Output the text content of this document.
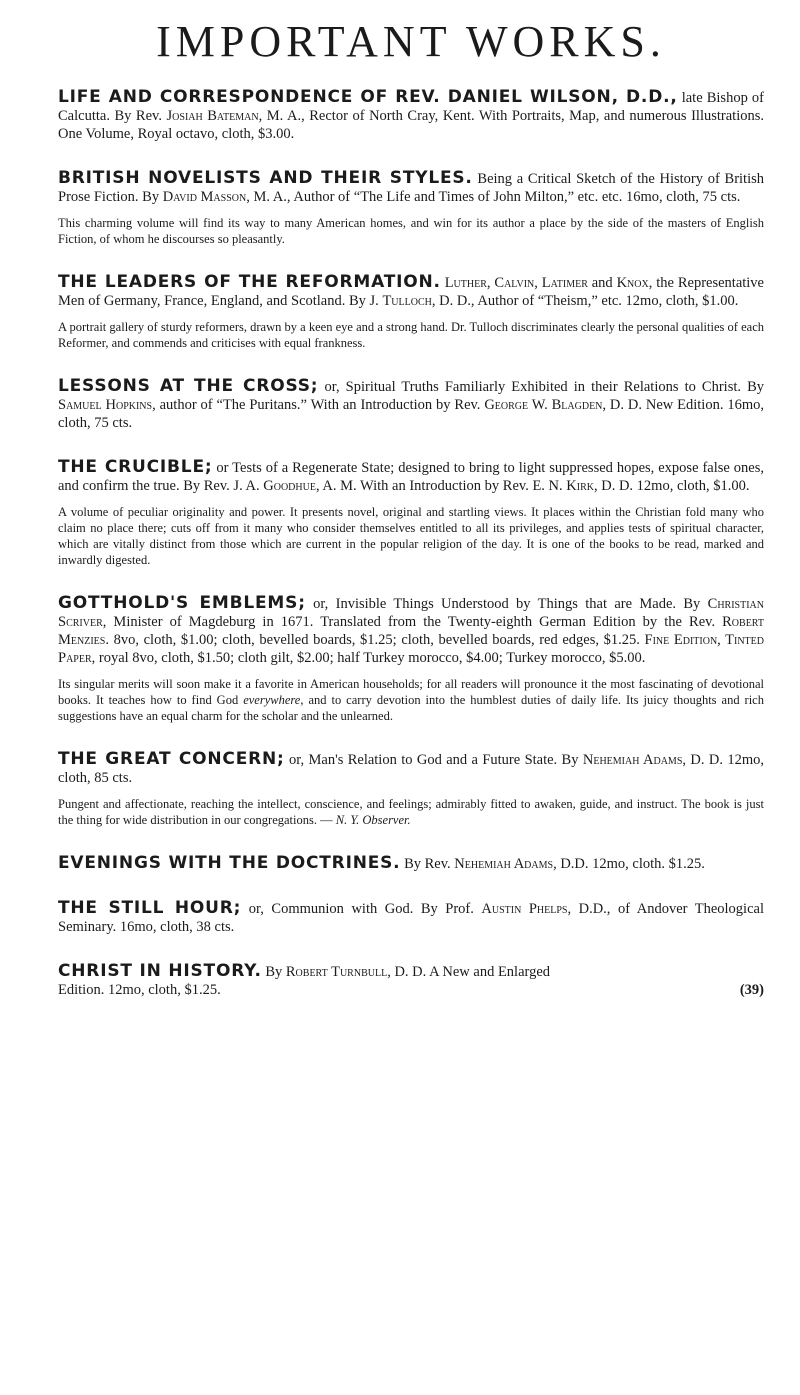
IMPORTANT WORKS.

LIFE AND CORRESPONDENCE OF REV. DANIEL WILSON, D.D., late Bishop of Calcutta. By Rev. Josiah Bateman, M. A., Rector of North Cray, Kent. With Portraits, Map, and numerous Illustrations. One Volume, Royal octavo, cloth, $3.00.

BRITISH NOVELISTS AND THEIR STYLES. Being a Critical Sketch of the History of British Prose Fiction. By David Masson, M. A., Author of “The Life and Times of John Milton,” etc. etc. 16mo, cloth, 75 cts.

This charming volume will find its way to many American homes, and win for its author a place by the side of the masters of English Fiction, of whom he discourses so pleasantly.

THE LEADERS OF THE REFORMATION. Luther, Calvin, Latimer and Knox, the Representative Men of Germany, France, England, and Scotland. By J. Tulloch, D. D., Author of “Theism,” etc. 12mo, cloth, $1.00.

A portrait gallery of sturdy reformers, drawn by a keen eye and a strong hand. Dr. Tulloch discriminates clearly the personal qualities of each Reformer, and commends and criticises with equal frankness.

LESSONS AT THE CROSS; or, Spiritual Truths Familiarly Exhibited in their Relations to Christ. By Samuel Hopkins, author of “The Puritans.” With an Introduction by Rev. George W. Blagden, D. D. New Edition. 16mo, cloth, 75 cts.

THE CRUCIBLE; or Tests of a Regenerate State; designed to bring to light suppressed hopes, expose false ones, and confirm the true. By Rev. J. A. Goodhue, A. M. With an Introduction by Rev. E. N. Kirk, D. D. 12mo, cloth, $1.00.

A volume of peculiar originality and power. It presents novel, original and startling views. It places within the Christian fold many who claim no place there; cuts off from it many who consider themselves entitled to all its privileges, and applies tests of spiritual character, which are vitally distinct from those which are current in the popular religion of the day. It is one of the books to be read, marked and inwardly digested.

GOTTHOLD'S EMBLEMS; or, Invisible Things Understood by Things that are Made. By Christian Scriver, Minister of Magdeburg in 1671. Translated from the Twenty-eighth German Edition by the Rev. Robert Menzies. 8vo, cloth, $1.00; cloth, bevelled boards, $1.25; cloth, bevelled boards, red edges, $1.25. Fine Edition, Tinted Paper, royal 8vo, cloth, $1.50; cloth gilt, $2.00; half Turkey morocco, $4.00; Turkey morocco, $5.00.

Its singular merits will soon make it a favorite in American households; for all readers will pronounce it the most fascinating of devotional books. It teaches how to find God everywhere, and to carry devotion into the humblest duties of daily life. Its juicy thoughts and rich suggestions have an equal charm for the scholar and the unlearned.

THE GREAT CONCERN; or, Man's Relation to God and a Future State. By Nehemiah Adams, D. D. 12mo, cloth, 85 cts.

Pungent and affectionate, reaching the intellect, conscience, and feelings; admirably fitted to awaken, guide, and instruct. The book is just the thing for wide distribution in our congregations. — N. Y. Observer.

EVENINGS WITH THE DOCTRINES. By Rev. Nehemiah Adams, D.D. 12mo, cloth. $1.25.

THE STILL HOUR; or, Communion with God. By Prof. Austin Phelps, D.D., of Andover Theological Seminary. 16mo, cloth, 38 cts.

CHRIST IN HISTORY. By Robert Turnbull, D. D. A New and Enlarged

Edition. 12mo, cloth, $1.25.	(39)
